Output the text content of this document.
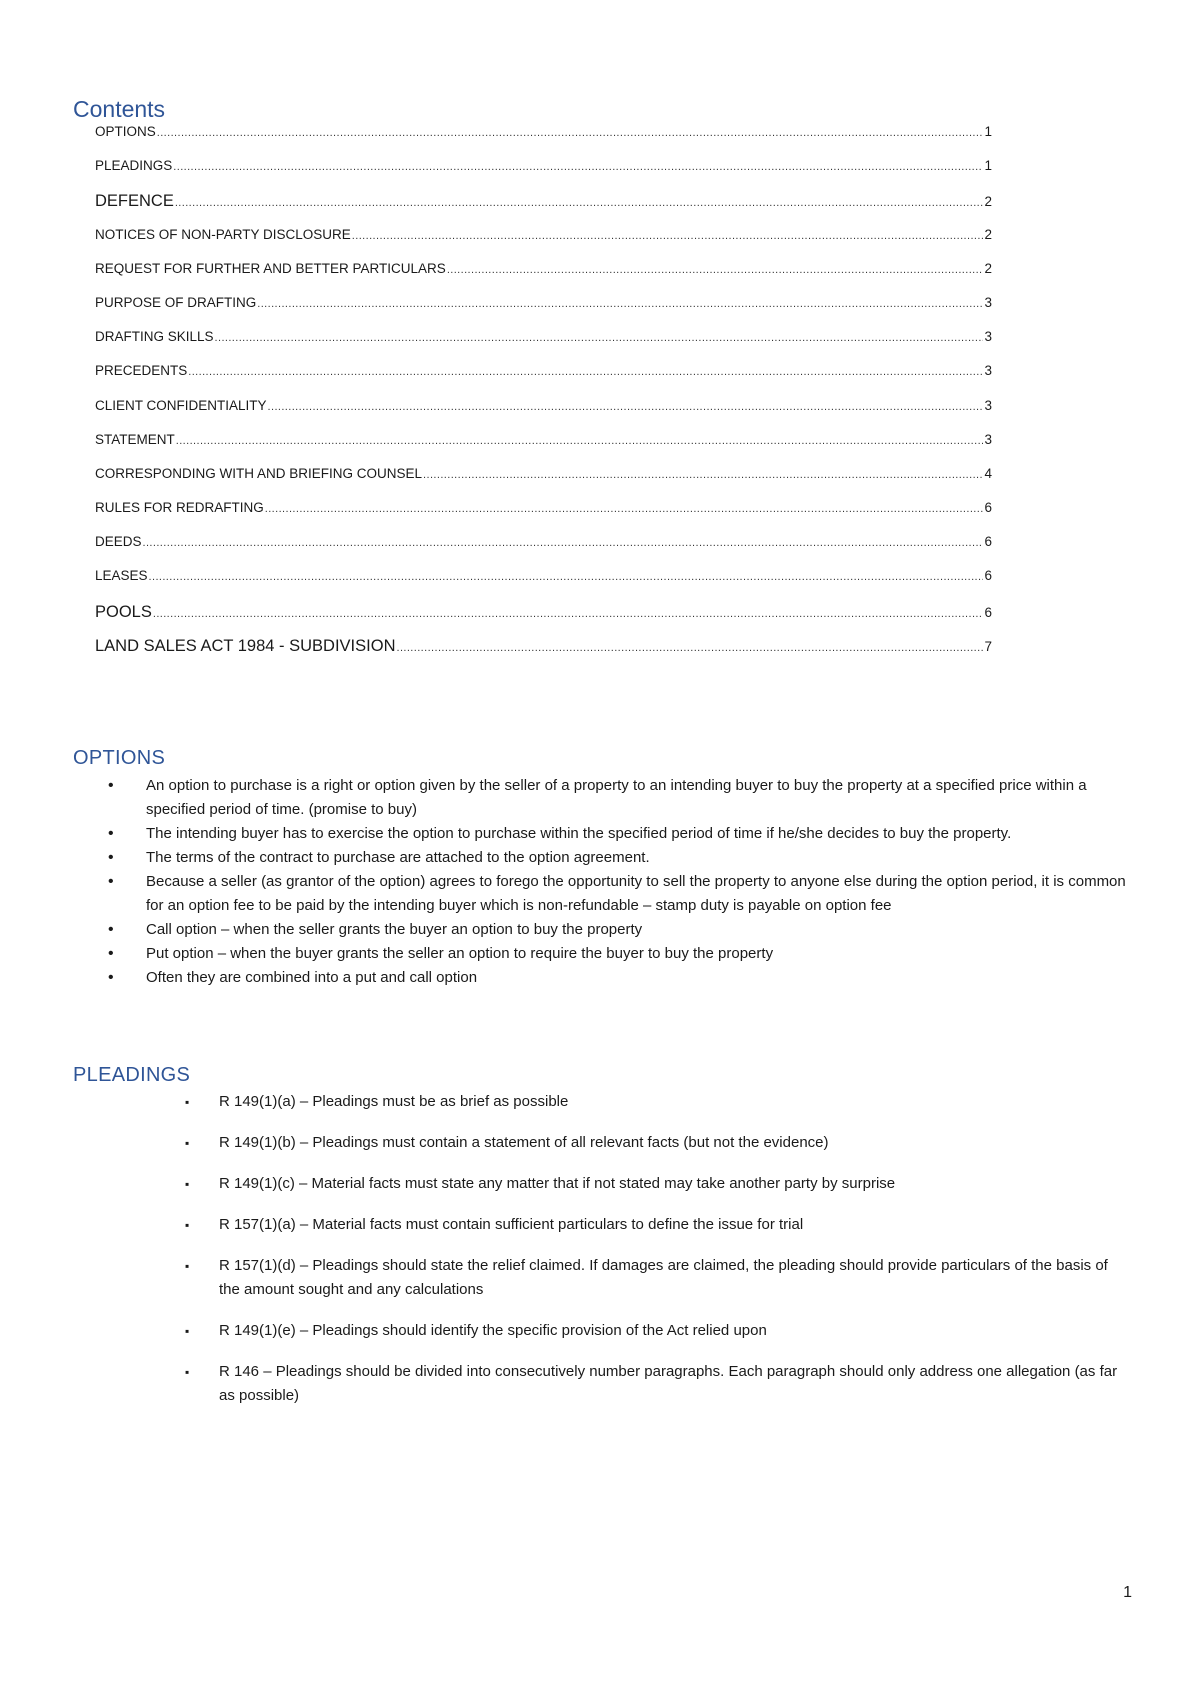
Contents
OPTIONS .....	1
PLEADINGS .....	1
DEFENCE .....	2
NOTICES OF NON-PARTY DISCLOSURE .....	2
REQUEST FOR FURTHER AND BETTER PARTICULARS .....	2
PURPOSE OF DRAFTING .....	3
DRAFTING SKILLS .....	3
PRECEDENTS .....	3
CLIENT CONFIDENTIALITY .....	3
STATEMENT .....	3
CORRESPONDING WITH AND BRIEFING COUNSEL .....	4
RULES FOR REDRAFTING .....	6
DEEDS .....	6
LEASES .....	6
POOLS .....	6
LAND SALES ACT 1984 - SUBDIVISION .....	7
OPTIONS
• An option to purchase is a right or option given by the seller of a property to an intending buyer to buy the property at a specified price within a specified period of time. (promise to buy)
• The intending buyer has to exercise the option to purchase within the specified period of time if he/she decides to buy the property.
• The terms of the contract to purchase are attached to the option agreement.
• Because a seller (as grantor of the option) agrees to forego the opportunity to sell the property to anyone else during the option period, it is common for an option fee to be paid by the intending buyer which is non-refundable – stamp duty is payable on option fee
• Call option – when the seller grants the buyer an option to buy the property
• Put option – when the buyer grants the seller an option to require the buyer to buy the property
• Often they are combined into a put and call option
PLEADINGS
▪ R 149(1)(a) – Pleadings must be as brief as possible
▪ R 149(1)(b) – Pleadings must contain a statement of all relevant facts (but not the evidence)
▪ R 149(1)(c) – Material facts must state any matter that if not stated may take another party by surprise
▪ R 157(1)(a) – Material facts must contain sufficient particulars to define the issue for trial
▪ R 157(1)(d) – Pleadings should state the relief claimed. If damages are claimed, the pleading should provide particulars of the basis of the amount sought and any calculations
▪ R 149(1)(e) – Pleadings should identify the specific provision of the Act relied upon
▪ R 146 – Pleadings should be divided into consecutively number paragraphs. Each paragraph should only address one allegation (as far as possible)
1
